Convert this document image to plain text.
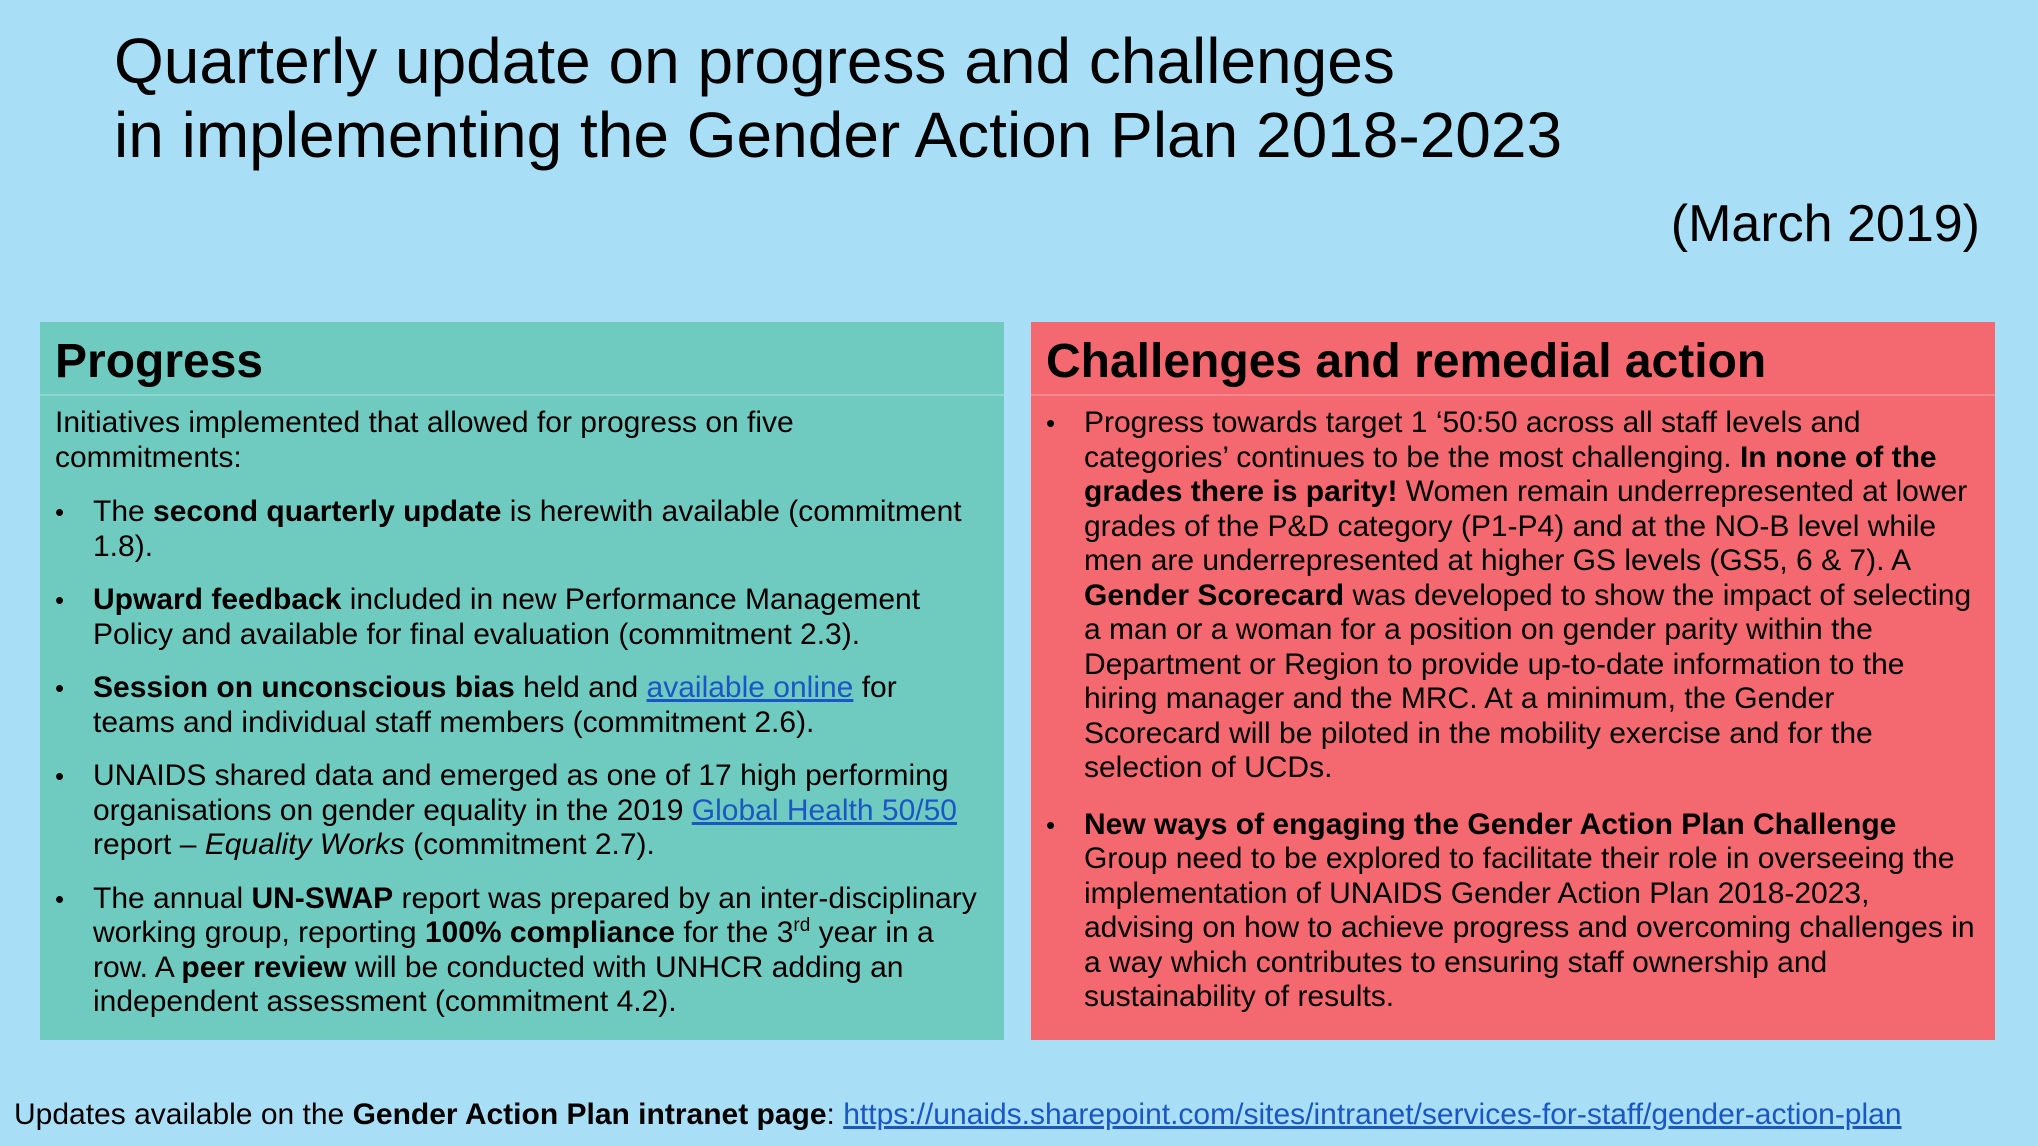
Quarterly update on progress and challenges
in implementing the Gender Action Plan 2018-2023
(March 2019)
Progress

Initiatives implemented that allowed for progress on five commitments:

• The second quarterly update is herewith available (commitment 1.8).
• Upward feedback included in new Performance Management Policy and available for final evaluation (commitment 2.3).
• Session on unconscious bias held and available online for teams and individual staff members (commitment 2.6).
• UNAIDS shared data and emerged as one of 17 high performing organisations on gender equality in the 2019 Global Health 50/50 report – Equality Works (commitment 2.7).
• The annual UN-SWAP report was prepared by an inter-disciplinary working group, reporting 100% compliance for the 3rd year in a row. A peer review will be conducted with UNHCR adding an independent assessment (commitment 4.2).
Challenges and remedial action
• Progress towards target 1 ‘50:50 across all staff levels and categories’ continues to be the most challenging. In none of the grades there is parity! Women remain underrepresented at lower grades of the P&D category (P1-P4) and at the NO-B level while men are underrepresented at higher GS levels (GS5, 6 & 7). A Gender Scorecard was developed to show the impact of selecting a man or a woman for a position on gender parity within the Department or Region to provide up-to-date information to the hiring manager and the MRC. At a minimum, the Gender Scorecard will be piloted in the mobility exercise and for the selection of UCDs.
• New ways of engaging the Gender Action Plan Challenge Group need to be explored to facilitate their role in overseeing the implementation of UNAIDS Gender Action Plan 2018-2023, advising on how to achieve progress and overcoming challenges in a way which contributes to ensuring staff ownership and sustainability of results.
Updates available on the Gender Action Plan intranet page: https://unaids.sharepoint.com/sites/intranet/services-for-staff/gender-action-plan
